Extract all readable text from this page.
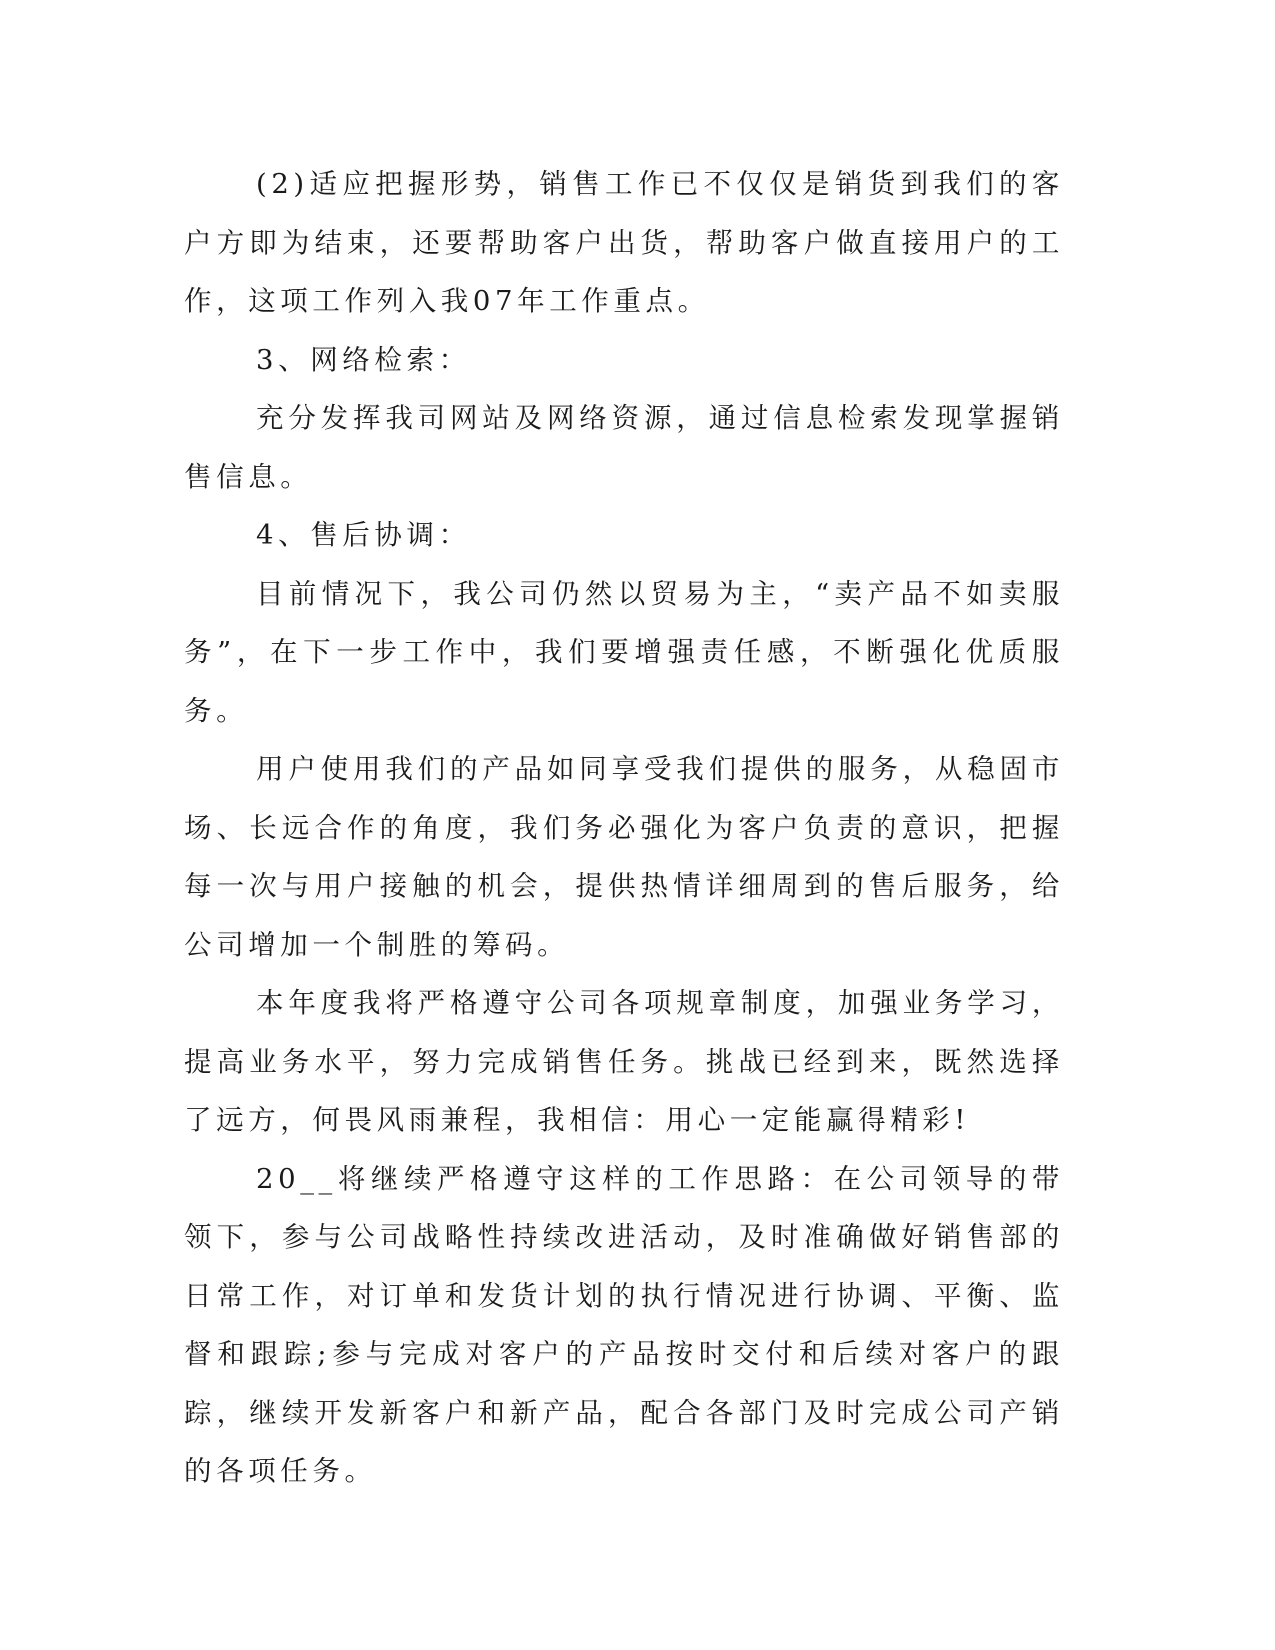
(2)适应把握形势，销售工作已不仅仅是销货到我们的客户方即为结束，还要帮助客户出货，帮助客户做直接用户的工作，这项工作列入我07年工作重点。

3、网络检索：

充分发挥我司网站及网络资源，通过信息检索发现掌握销售信息。

4、售后协调：

目前情况下，我公司仍然以贸易为主，“卖产品不如卖服务”，在下一步工作中，我们要增强责任感，不断强化优质服务。

用户使用我们的产品如同享受我们提供的服务，从稳固市场、长远合作的角度，我们务必强化为客户负责的意识，把握每一次与用户接触的机会，提供热情详细周到的售后服务，给公司增加一个制胜的筹码。

本年度我将严格遵守公司各项规章制度，加强业务学习，提高业务水平，努力完成销售任务。挑战已经到来，既然选择了远方，何畏风雨兼程，我相信：用心一定能赢得精彩!

20__将继续严格遵守这样的工作思路：在公司领导的带领下，参与公司战略性持续改进活动，及时准确做好销售部的日常工作，对订单和发货计划的执行情况进行协调、平衡、监督和跟踪;参与完成对客户的产品按时交付和后续对客户的跟踪，继续开发新客户和新产品，配合各部门及时完成公司产销的各项任务。
